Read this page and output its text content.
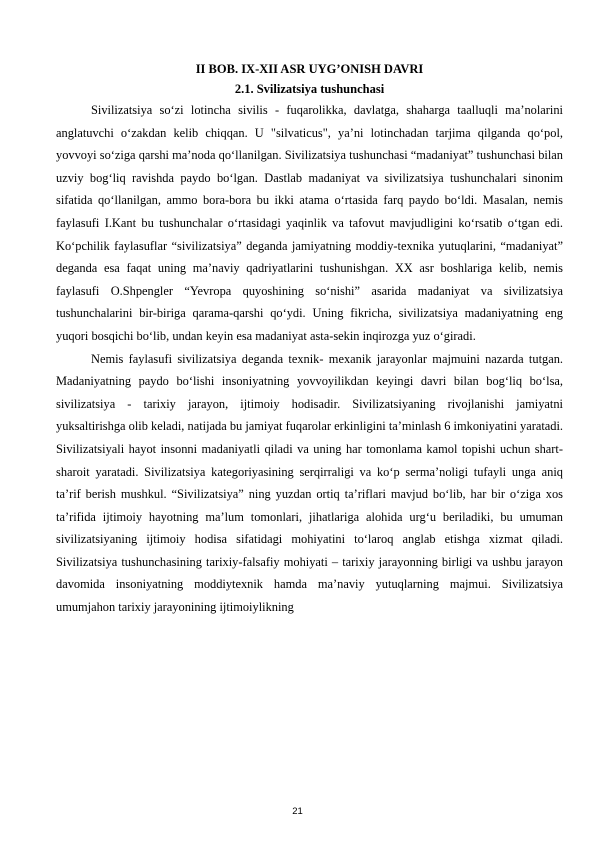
II BOB. IX-XII ASR UYG’ONISH DAVRI
2.1. Svilizatsiya tushunchasi

Sivilizatsiya so‘zi lotincha sivilis - fuqarolikka, davlatga, shaharga taalluqli ma’nolarini anglatuvchi o‘zakdan kelib chiqqan. U "silvaticus", ya’ni lotinchadan tarjima qilganda qo‘pol, yovvoyi so‘ziga qarshi ma’noda qo‘llanilgan. Sivilizatsiya tushunchasi “madaniyat” tushunchasi bilan uzviy bog‘liq ravishda paydo bo‘lgan. Dastlab madaniyat va sivilizatsiya tushunchalari sinonim sifatida qo‘llanilgan, ammo bora-bora bu ikki atama o‘rtasida farq paydo bo‘ldi. Masalan, nemis faylasufi I.Kant bu tushunchalar o‘rtasidagi yaqinlik va tafovut mavjudligini ko‘rsatib o‘tgan edi. Ko‘pchilik faylasuflar “sivilizatsiya” deganda jamiyatning moddiy-texnika yutuqlarini, “madaniyat” deganda esa faqat uning ma’naviy qadriyatlarini tushunishgan. XX asr boshlariga kelib, nemis faylasufi O.Shpengler “Yevropa quyoshining so‘nishi” asarida madaniyat va sivilizatsiya tushunchalarini bir-biriga qarama-qarshi qo‘ydi. Uning fikricha, sivilizatsiya madaniyatning eng yuqori bosqichi bo‘lib, undan keyin esa madaniyat asta-sekin inqirozga yuz o‘giradi.

Nemis faylasufi sivilizatsiya deganda texnik- mexanik jarayonlar majmuini nazarda tutgan. Madaniyatning paydo bo‘lishi insoniyatning yovvoyilikdan keyingi davri bilan bog‘liq bo‘lsa, sivilizatsiya - tarixiy jarayon, ijtimoiy hodisadir. Sivilizatsiyaning rivojlanishi jamiyatni yuksaltirishga olib keladi, natijada bu jamiyat fuqarolar erkinligini ta’minlash 6 imkoniyatini yaratadi. Sivilizatsiyali hayot insonni madaniyatli qiladi va uning har tomonlama kamol topishi uchun shart-sharoit yaratadi. Sivilizatsiya kategoriyasining serqirraligi va ko‘p serma’noligi tufayli unga aniq ta’rif berish mushkul. “Sivilizatsiya” ning yuzdan ortiq ta’riflari mavjud bo‘lib, har bir o‘ziga xos ta’rifida ijtimoiy hayotning ma’lum tomonlari, jihatlariga alohida urg‘u beriladiki, bu umuman sivilizatsiyaning ijtimoiy hodisa sifatidagi mohiyatini to‘laroq anglab etishga xizmat qiladi. Sivilizatsiya tushunchasining tarixiy-falsafiy mohiyati – tarixiy jarayonning birligi va ushbu jarayon davomida insoniyatning moddiytexnik hamda ma’naviy yutuqlarning majmui. Sivilizatsiya umumjahon tarixiy jarayonining ijtimoiylikning

21
